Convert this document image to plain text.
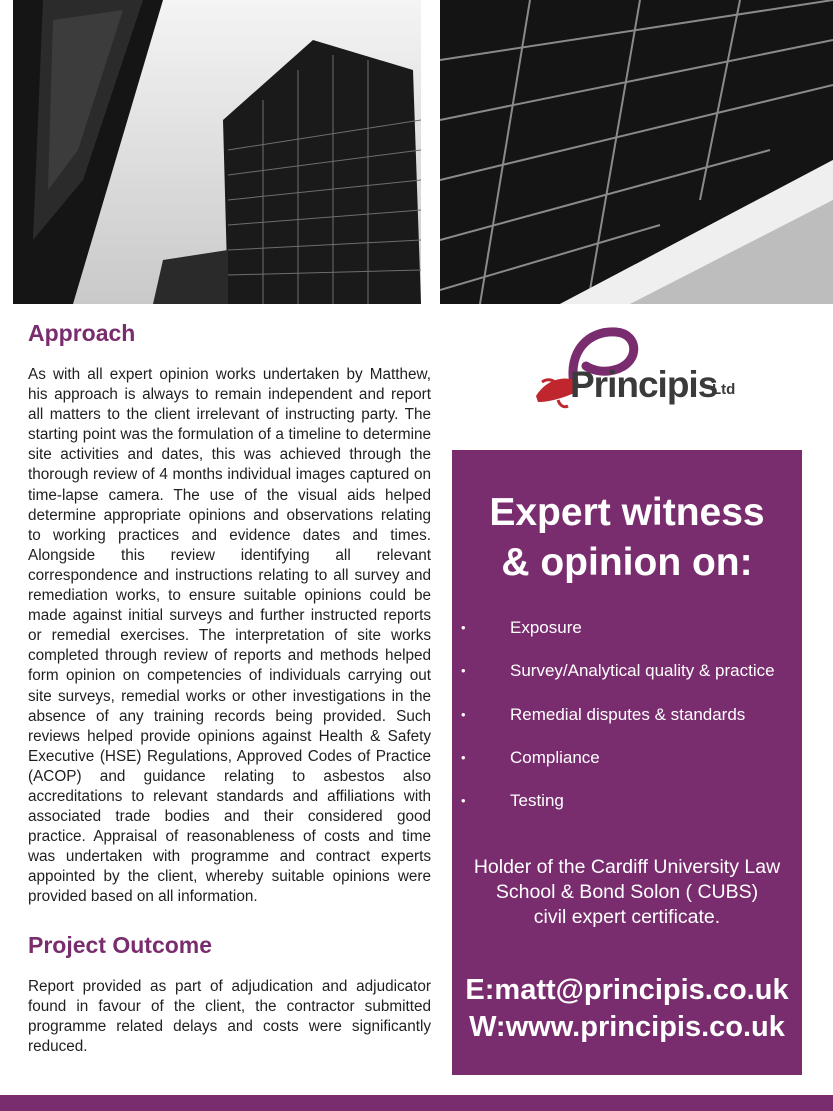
Approach

As with all expert opinion works undertaken by Matthew, his approach is always to remain independent and report all matters to the client irrelevant of instructing party. The starting point was the formulation of a timeline to determine site activities and dates, this was achieved through the thorough review of 4 months individual images captured on time-lapse camera. The use of the visual aids helped determine appropriate opinions and observations relating to working practices and evidence dates and times. Alongside this review identifying all relevant correspondence and instructions relating to all survey and remediation works, to ensure suitable opinions could be made against initial surveys and further instructed reports or remedial exercises. The interpretation of site works completed through review of reports and methods helped form opinion on competencies of individuals carrying out site surveys, remedial works or other investigations in the absence of any training records being provided. Such reviews helped provide opinions against Health & Safety Executive (HSE) Regulations, Approved Codes of Practice (ACOP) and guidance relating to asbestos also accreditations to relevant standards and affiliations with associated trade bodies and their considered good practice. Appraisal of reasonableness of costs and time was undertaken with programme and contract experts appointed by the client, whereby suitable opinions were provided based on all information.

Project Outcome

Report provided as part of adjudication and adjudicator found in favour of the client, the contractor submitted programme related delays and costs were significantly reduced.

Principis
Ltd
Expert witness
& opinion on:
•	Exposure
•	Survey/Analytical quality & practice
•	Remedial disputes & standards
•	Compliance
•	Testing
Holder of the Cardiff University Law
School & Bond Solon ( CUBS)
civil expert certificate.
E:matt@principis.co.uk
W:www.principis.co.uk
